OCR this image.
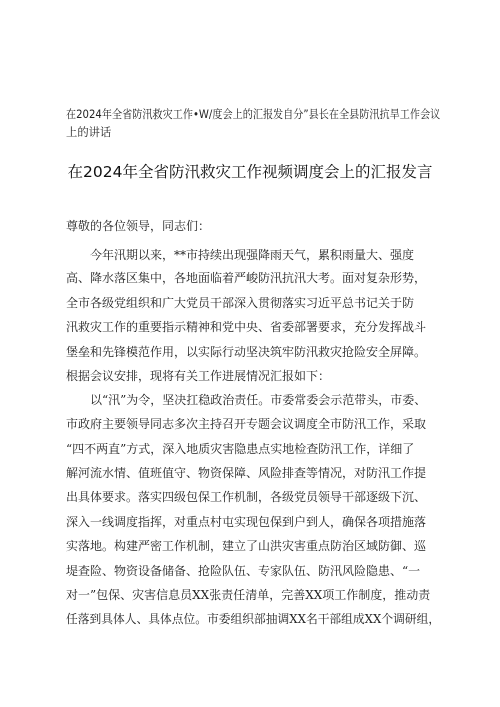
在2024年全省防汛救灾工作•W/度会上的汇报发自分”县长在全县防汛抗旱工作会议
上的讲话
在2024年全省防汛救灾工作视频调度会上的汇报发言
尊敬的各位领导，同志们：
今年汛期以来，**市持续出现强降雨天气，累积雨量大、强度
高、降水落区集中，各地面临着严峻防汛抗汛大考。面对复杂形势，
全市各级党组织和广大党员干部深入贯彻落实习近平总书记关于防
汛救灾工作的重要指示精神和党中央、省委部署要求，充分发挥战斗
堡垒和先锋模范作用，以实际行动坚决筑牢防汛救灾抢险安全屏障。
根据会议安排，现将有关工作进展情况汇报如下：
以“汛”为令，坚决扛稳政治责任。市委常委会示范带头，市委、
市政府主要领导同志多次主持召开专题会议调度全市防汛工作，采取
“四不两直”方式，深入地质灾害隐患点实地检查防汛工作，详细了
解河流水情、值班值守、物资保障、风险排查等情况，对防汛工作提
出具体要求。落实四级包保工作机制，各级党员领导干部逐级下沉、
深入一线调度指挥，对重点村屯实现包保到户到人，确保各项措施落
实落地。构建严密工作机制，建立了山洪灾害重点防治区域防御、巡
堤查险、物资设备储备、抢险队伍、专家队伍、防汛风险隐患、“一
对一”包保、灾害信息员XX张责任清单，完善XX项工作制度，推动责
任落到具体人、具体点位。市委组织部抽调XX名干部组成XX个调研组，
